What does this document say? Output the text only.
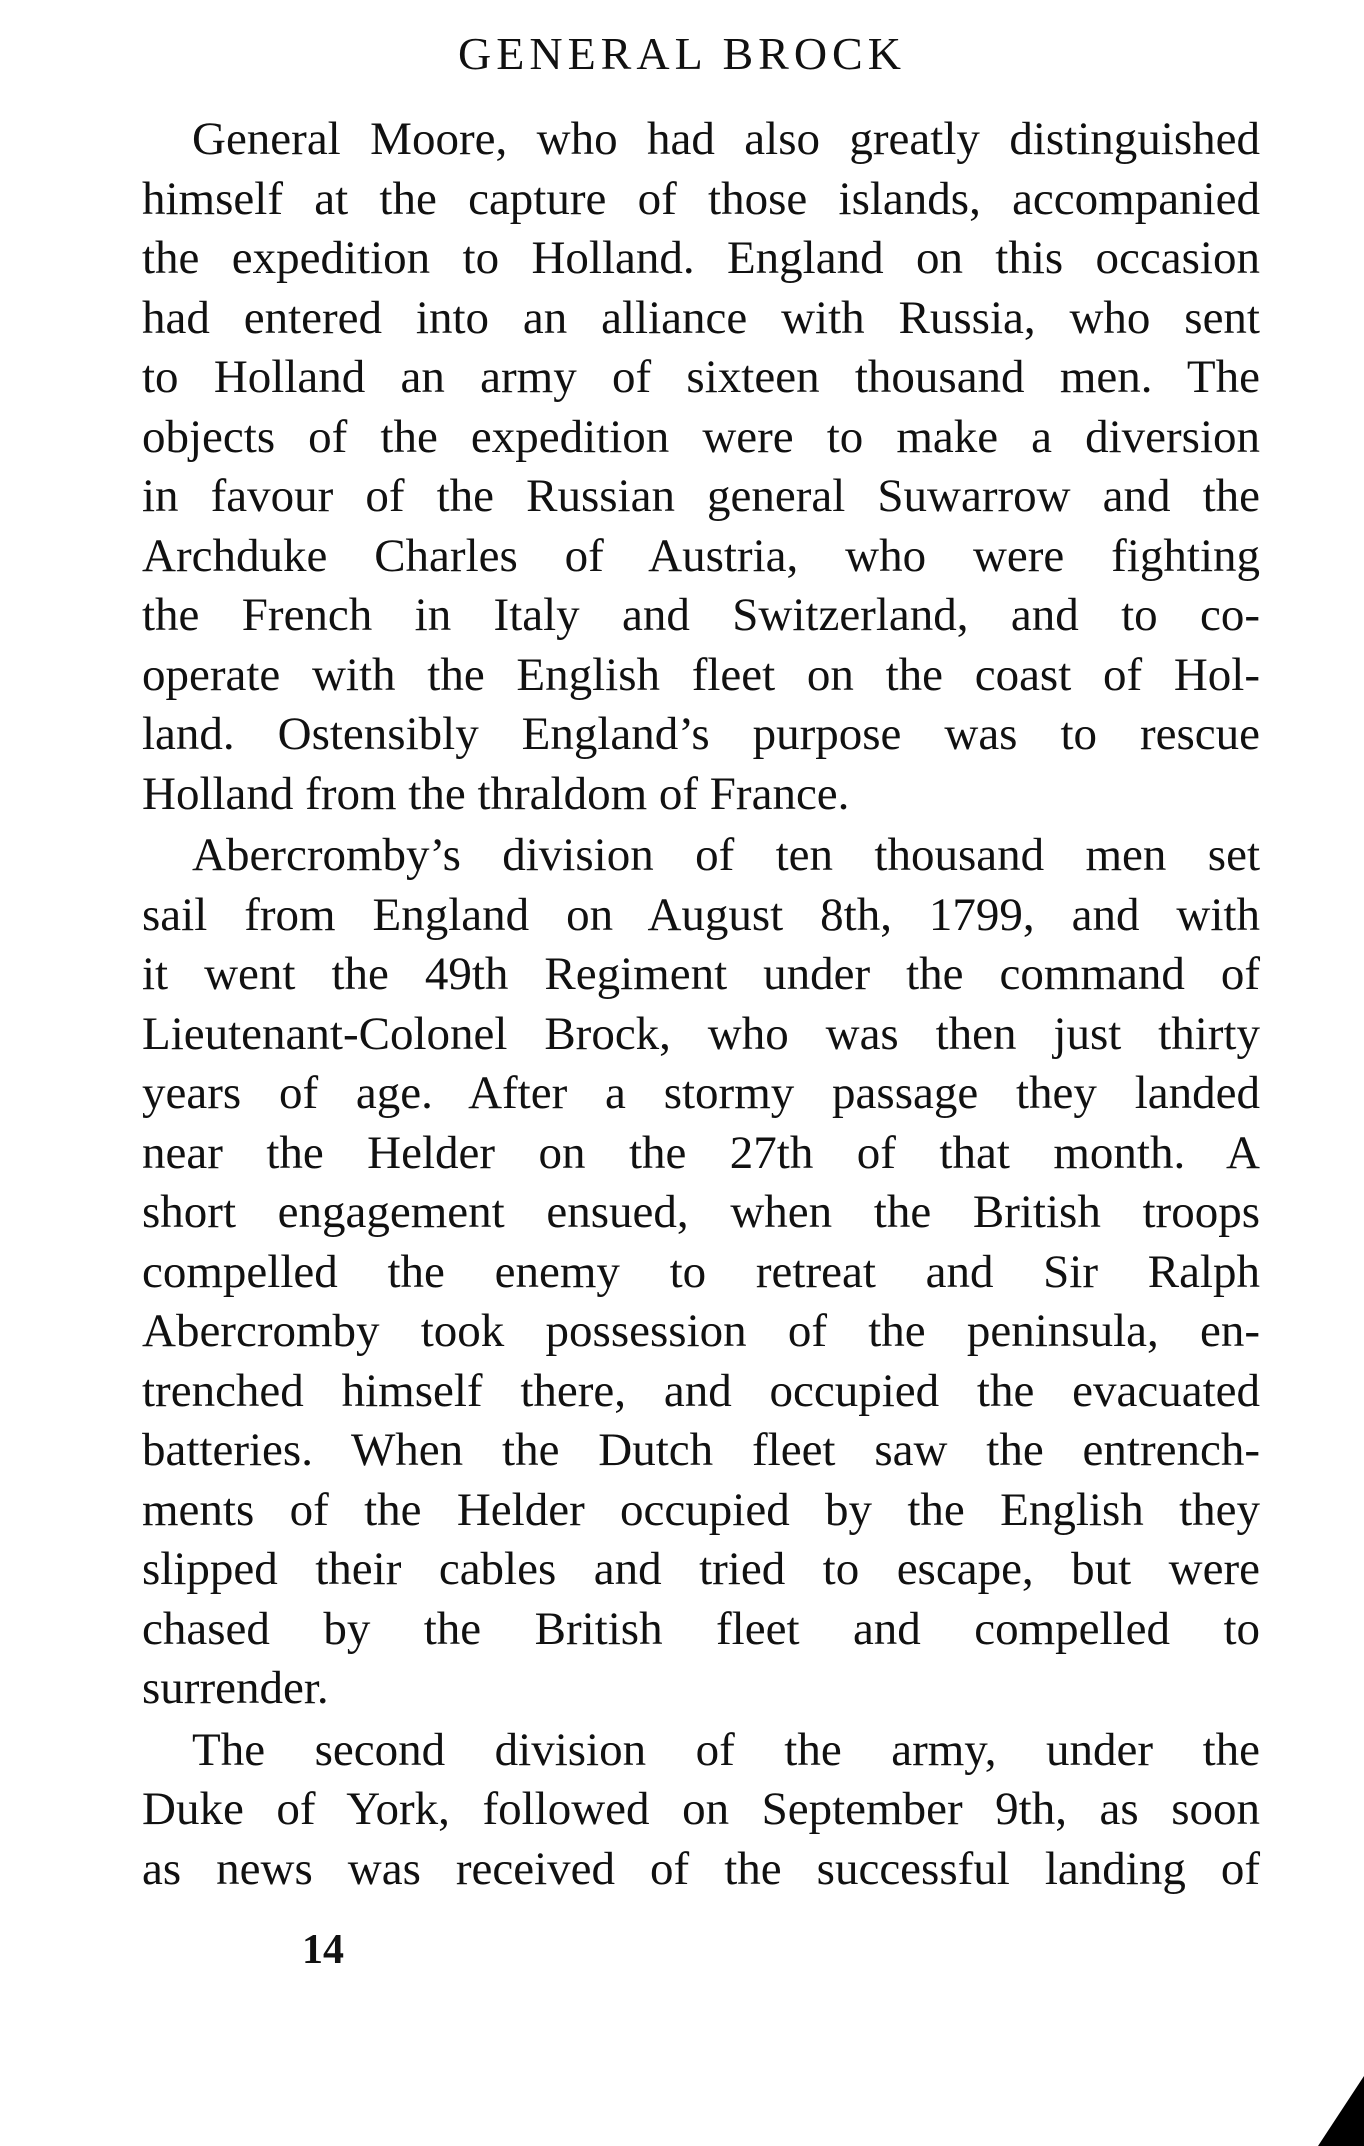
GENERAL BROCK
General Moore, who had also greatly distinguished
himself at the capture of those islands, accompanied
the expedition to Holland. England on this occasion
had entered into an alliance with Russia, who sent
to Holland an army of sixteen thousand men. The
objects of the expedition were to make a diversion
in favour of the Russian general Suwarrow and the
Archduke Charles of Austria, who were fighting
the French in Italy and Switzerland, and to co-
operate with the English fleet on the coast of Hol-
land. Ostensibly England’s purpose was to rescue
Holland from the thraldom of France.
Abercromby’s division of ten thousand men set
sail from England on August 8th, 1799, and with
it went the 49th Regiment under the command of
Lieutenant-Colonel Brock, who was then just thirty
years of age. After a stormy passage they landed
near the Helder on the 27th of that month. A
short engagement ensued, when the British troops
compelled the enemy to retreat and Sir Ralph
Abercromby took possession of the peninsula, en-
trenched himself there, and occupied the evacuated
batteries. When the Dutch fleet saw the entrench-
ments of the Helder occupied by the English they
slipped their cables and tried to escape, but were
chased by the British fleet and compelled to
surrender.
The second division of the army, under the
Duke of York, followed on September 9th, as soon
as news was received of the successful landing of
14
